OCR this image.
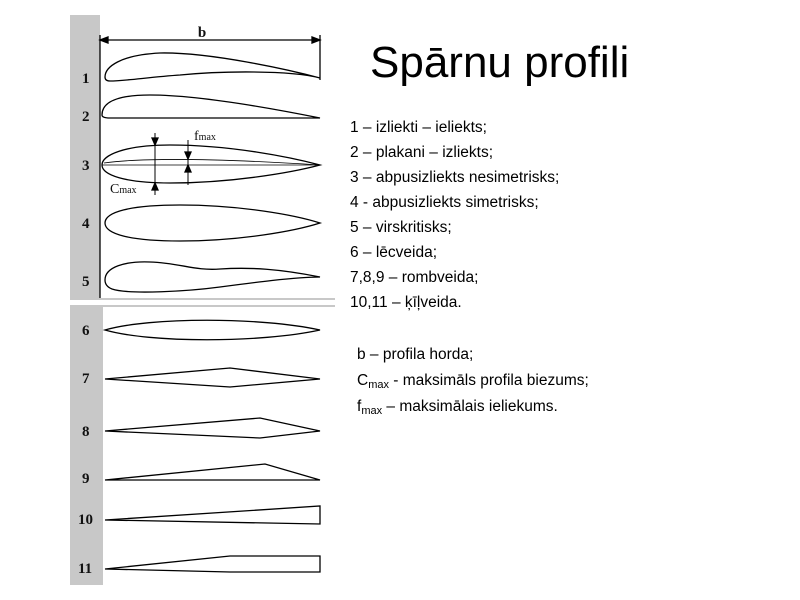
b
1
2
3
4
5
6
7
8
9
10
11
fmax
Cmax
Spārnu profili
1 – izliekti – ieliekts;
2 – plakani – izliekts;
3 – abpusizliekts nesimetrisks;
4 - abpusizliekts simetrisks;
5 – virskritisks;
6 – lēcveida;
7,8,9 – rombveida;
10,11 – ķīļveida.
b – profila horda;
$C_{max}$ - maksimāls profila biezums;
$f_{max}$ – maksimālais ieliekums.
